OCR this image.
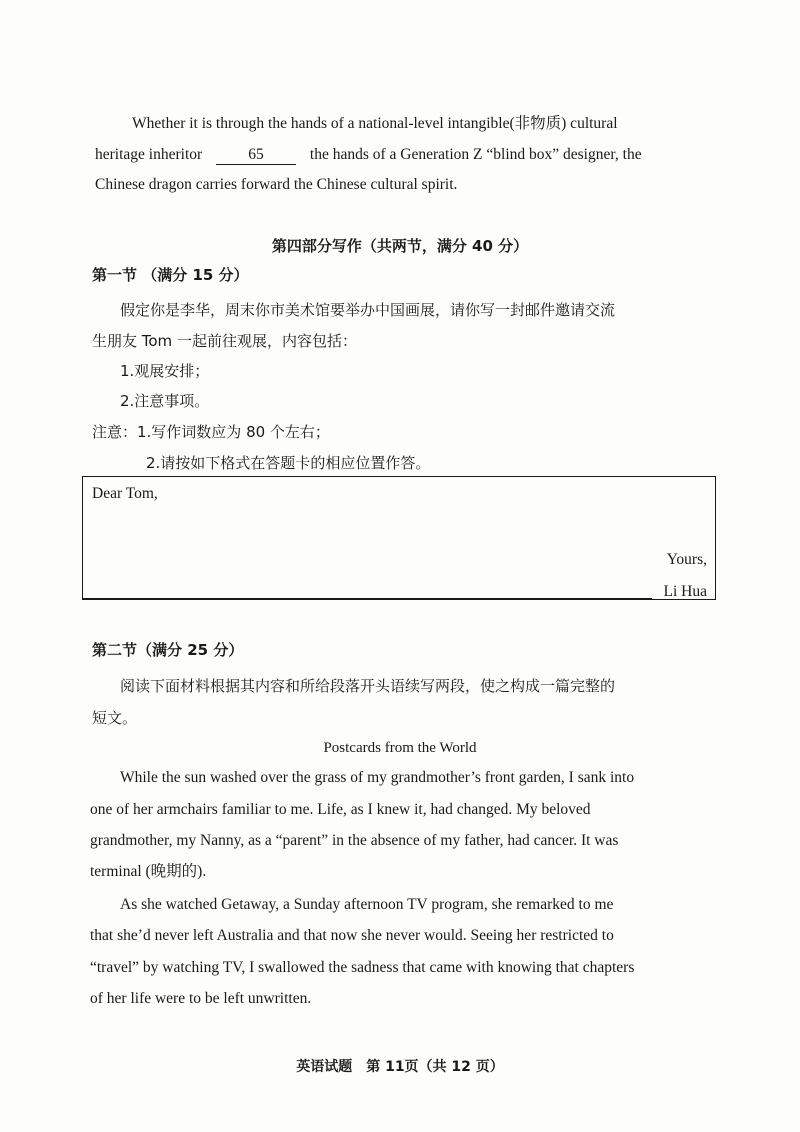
Whether it is through the hands of a national-level intangible(非物质) cultural
heritage inheritor	65	the hands of a Generation Z “blind box” designer, the
Chinese dragon carries forward the Chinese cultural spirit.
第四部分写作（共两节，满分 40 分）
第一节 （满分 15 分）
假定你是李华，周末你市美术馆要举办中国画展，请你写一封邮件邀请交流
生朋友 Tom 一起前往观展，内容包括：
1.观展安排；
2.注意事项。
注意：1.写作词数应为 80 个左右；
2.请按如下格式在答题卡的相应位置作答。
Dear Tom,
Yours,
Li Hua
第二节（满分 25 分）
阅读下面材料根据其内容和所给段落开头语续写两段，使之构成一篇完整的
短文。
Postcards from the World
While the sun washed over the grass of my grandmother’s front garden, I sank into
one of her armchairs familiar to me. Life, as I knew it, had changed. My beloved
grandmother, my Nanny, as a “parent” in the absence of my father, had cancer. It was
terminal (晚期的).
As she watched Getaway, a Sunday afternoon TV program, she remarked to me
that she’d never left Australia and that now she never would. Seeing her restricted to
“travel” by watching TV, I swallowed the sadness that came with knowing that chapters
of her life were to be left unwritten.
英语试题　第 11页（共 12 页）
